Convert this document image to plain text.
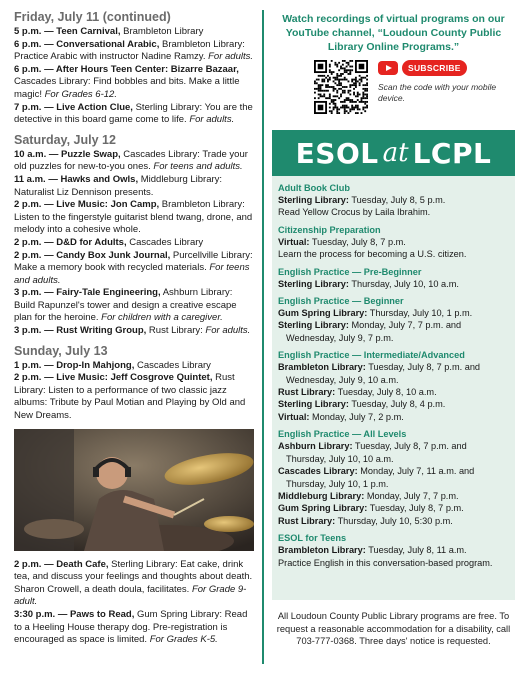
Friday, July 11 (continued)
5 p.m. — Teen Carnival, Brambleton Library
6 p.m. — Conversational Arabic, Brambleton Library: Practice Arabic with instructor Nadine Ramzy. For adults.
6 p.m. — After Hours Teen Center: Bizarre Bazaar, Cascades Library: Find bobbles and bits. Make a little magic! For Grades 6-12.
7 p.m. — Live Action Clue, Sterling Library: You are the detective in this board game come to life. For adults.
Saturday, July 12
10 a.m. — Puzzle Swap, Cascades Library: Trade your old puzzles for new-to-you ones. For teens and adults.
11 a.m. — Hawks and Owls, Middleburg Library: Naturalist Liz Dennison presents.
2 p.m. — Live Music: Jon Camp, Brambleton Library: Listen to the fingerstyle guitarist blend twang, drone, and melody into a cohesive whole.
2 p.m. — D&D for Adults, Cascades Library
2 p.m. — Candy Box Junk Journal, Purcellville Library: Make a memory book with recycled materials. For teens and adults.
3 p.m. — Fairy-Tale Engineering, Ashburn Library: Build Rapunzel's tower and design a creative escape plan for the heroine. For children with a caregiver.
3 p.m. — Rust Writing Group, Rust Library: For adults.
Sunday, July 13
1 p.m. — Drop-In Mahjong, Cascades Library
2 p.m. — Live Music: Jeff Cosgrove Quintet, Rust Library: Listen to a performance of two classic jazz albums: Tribute by Paul Motian and Playing by Old and New Dreams.
2 p.m. — Death Cafe, Sterling Library: Eat cake, drink tea, and discuss your feelings and thoughts about death. Sharon Crowell, a death doula, facilitates. For Grade 9-adult.
3:30 p.m. — Paws to Read, Gum Spring Library: Read to a Heeling House therapy dog. Pre-registration is encouraged as space is limited. For Grades K-5.
Watch recordings of virtual programs on our YouTube channel, “Loudoun County Public Library Online Programs.”
SUBSCRIBE
Scan the code with your mobile device.
ESOL at LCPL
Adult Book Club
Sterling Library: Tuesday, July 8, 5 p.m.
Read Yellow Crocus by Laila Ibrahim.
Citizenship Preparation
Virtual: Tuesday, July 8, 7 p.m.
Learn the process for becoming a U.S. citizen.
English Practice — Pre-Beginner
Sterling Library: Thursday, July 10, 10 a.m.
English Practice — Beginner
Gum Spring Library: Thursday, July 10, 1 p.m.
Sterling Library: Monday, July 7, 7 p.m. and
Wednesday, July 9, 7 p.m.
English Practice — Intermediate/Advanced
Brambleton Library: Tuesday, July 8, 7 p.m. and
Wednesday, July 9, 10 a.m.
Rust Library: Tuesday, July 8, 10 a.m.
Sterling Library: Tuesday, July 8, 4 p.m.
Virtual: Monday, July 7, 2 p.m.
English Practice — All Levels
Ashburn Library: Tuesday, July 8, 7 p.m. and
Thursday, July 10, 10 a.m.
Cascades Library: Monday, July 7, 11 a.m. and
Thursday, July 10, 1 p.m.
Middleburg Library: Monday, July 7, 7 p.m.
Gum Spring Library: Tuesday, July 8, 7 p.m.
Rust Library: Thursday, July 10, 5:30 p.m.
ESOL for Teens
Brambleton Library: Tuesday, July 8, 11 a.m.
Practice English in this conversation-based program.
All Loudoun County Public Library programs are free. To request a reasonable accommodation for a disability, call 703-777-0368. Three days' notice is requested.
